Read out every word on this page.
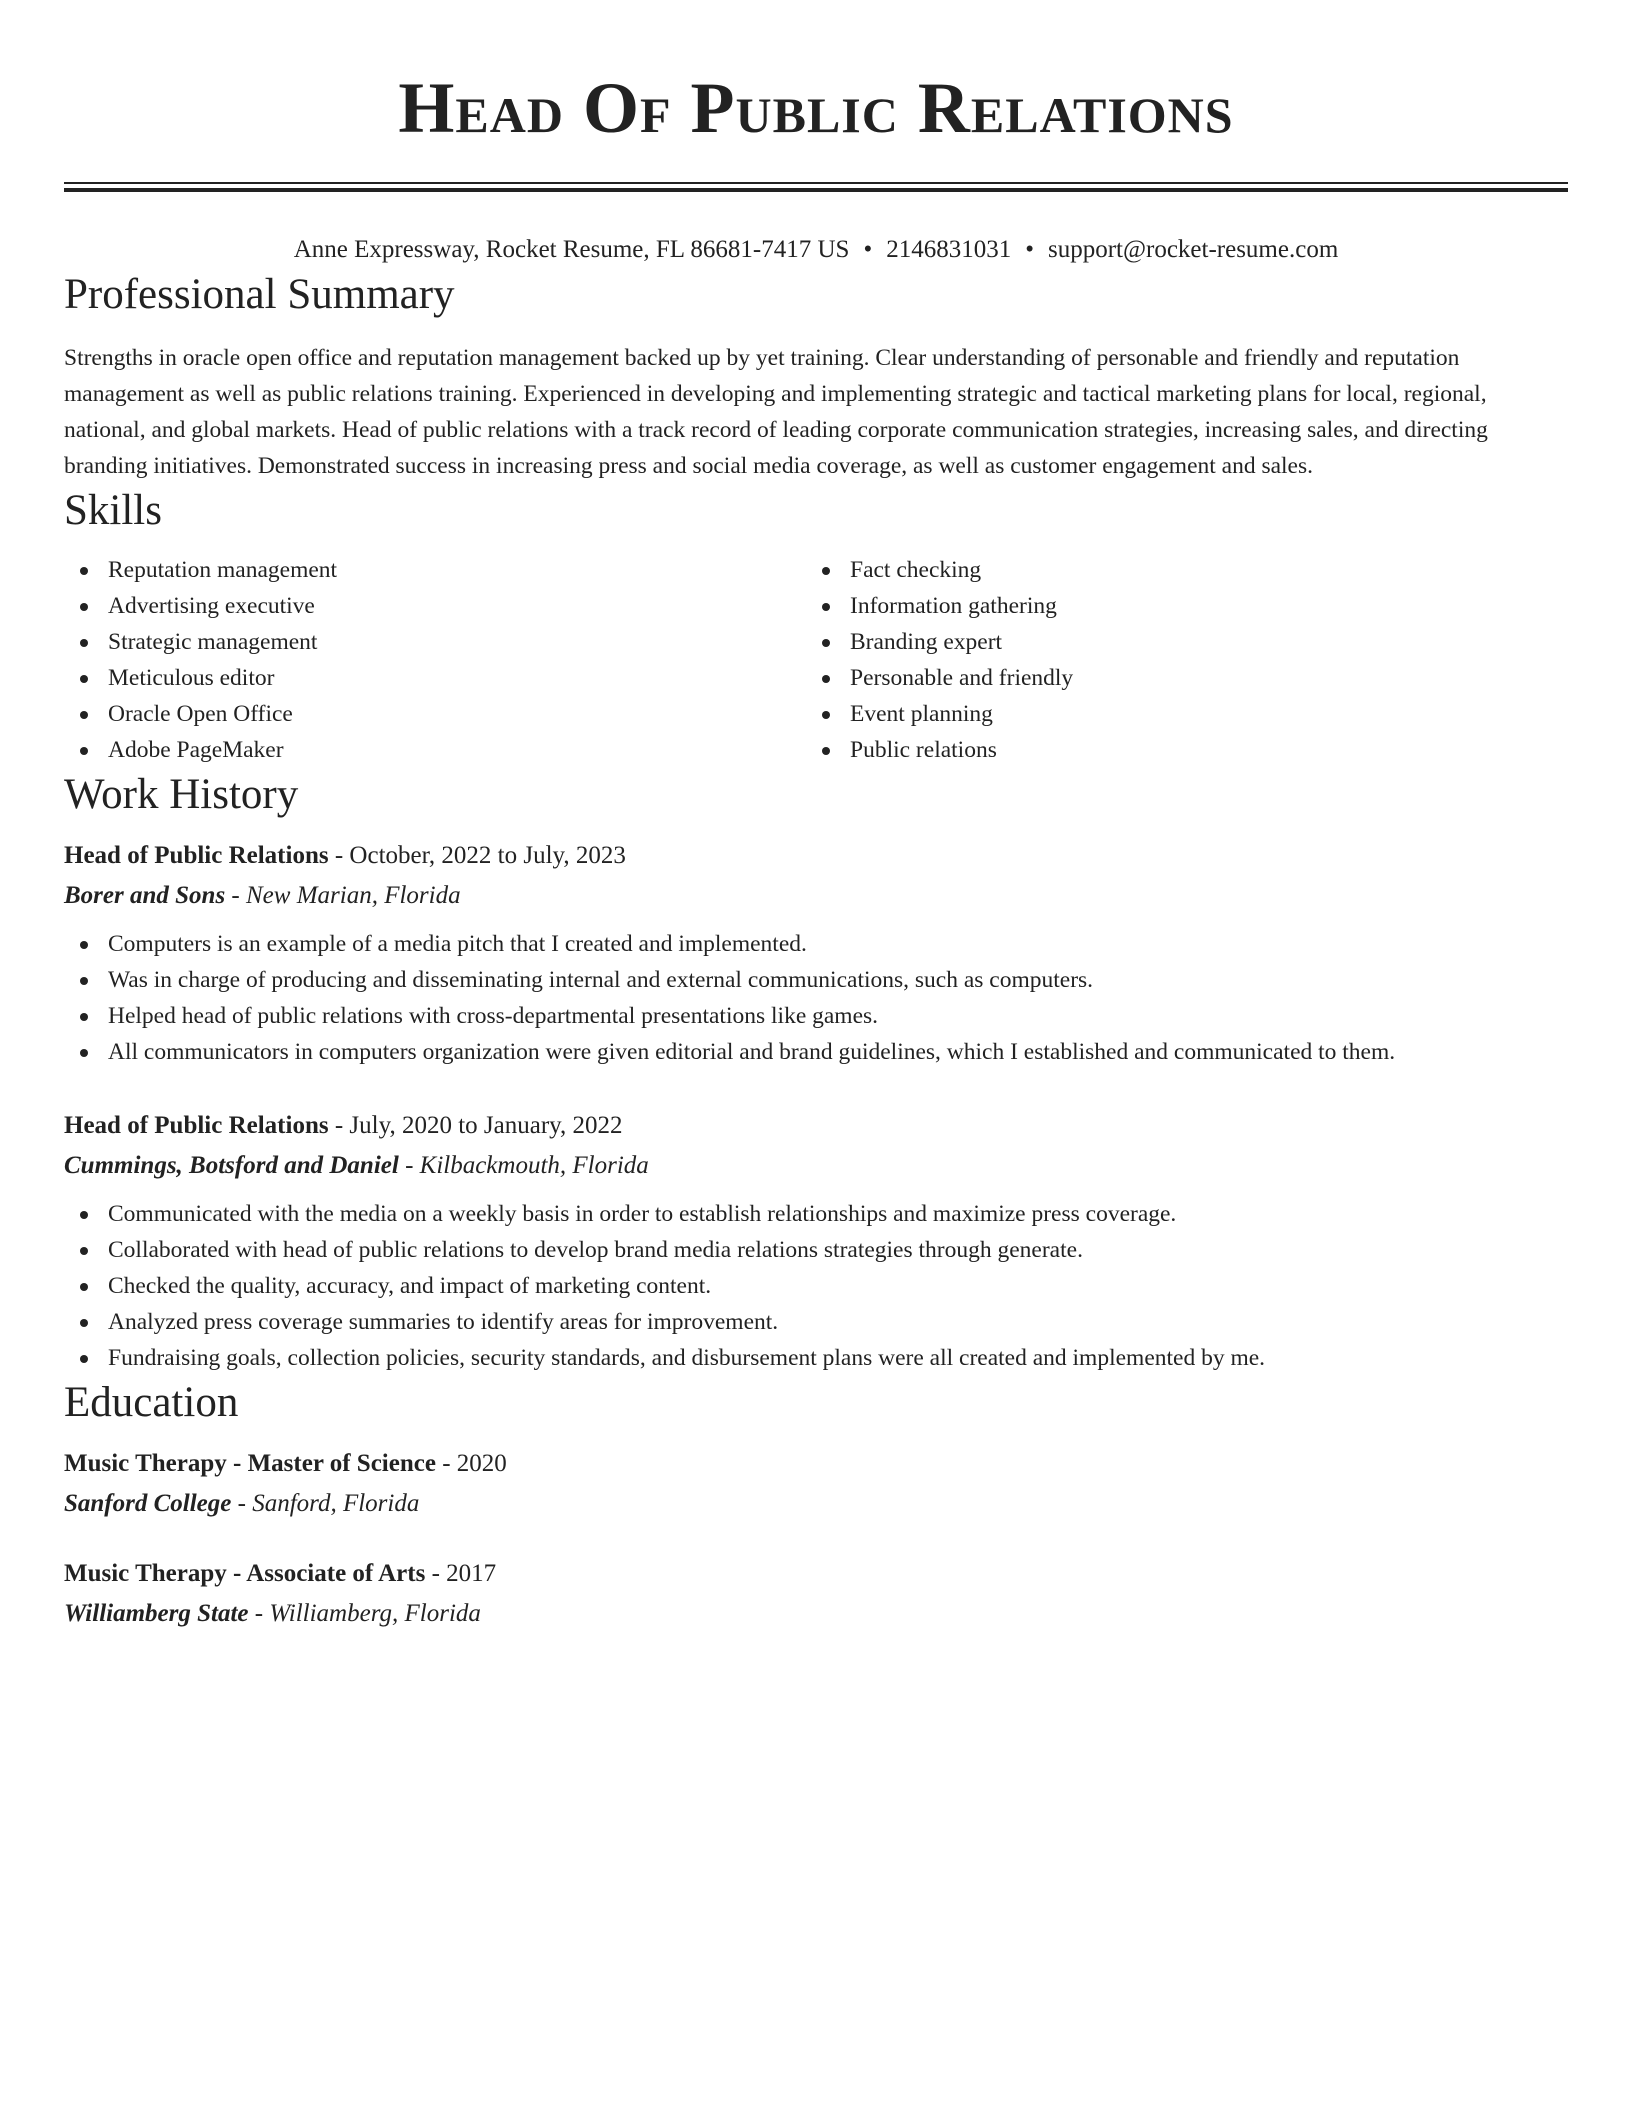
Head Of Public Relations
Anne Expressway, Rocket Resume, FL 86681-7417 US • 2146831031 • support@rocket-resume.com
Professional Summary

Strengths in oracle open office and reputation management backed up by yet training. Clear understanding of personable and friendly and reputation management as well as public relations training. Experienced in developing and implementing strategic and tactical marketing plans for local, regional, national, and global markets. Head of public relations with a track record of leading corporate communication strategies, increasing sales, and directing branding initiatives. Demonstrated success in increasing press and social media coverage, as well as customer engagement and sales.

Skills
Reputation management
Advertising executive
Strategic management
Meticulous editor
Oracle Open Office
Adobe PageMaker
Fact checking
Information gathering
Branding expert
Personable and friendly
Event planning
Public relations
Work History
Head of Public Relations - October, 2022 to July, 2023
Borer and Sons - New Marian, Florida
Computers is an example of a media pitch that I created and implemented.
Was in charge of producing and disseminating internal and external communications, such as computers.
Helped head of public relations with cross-departmental presentations like games.
All communicators in computers organization were given editorial and brand guidelines, which I established and communicated to them.
Head of Public Relations - July, 2020 to January, 2022
Cummings, Botsford and Daniel - Kilbackmouth, Florida
Communicated with the media on a weekly basis in order to establish relationships and maximize press coverage.
Collaborated with head of public relations to develop brand media relations strategies through generate.
Checked the quality, accuracy, and impact of marketing content.
Analyzed press coverage summaries to identify areas for improvement.
Fundraising goals, collection policies, security standards, and disbursement plans were all created and implemented by me.
Education
Music Therapy - Master of Science - 2020
Sanford College - Sanford, Florida
Music Therapy - Associate of Arts - 2017
Williamberg State - Williamberg, Florida
